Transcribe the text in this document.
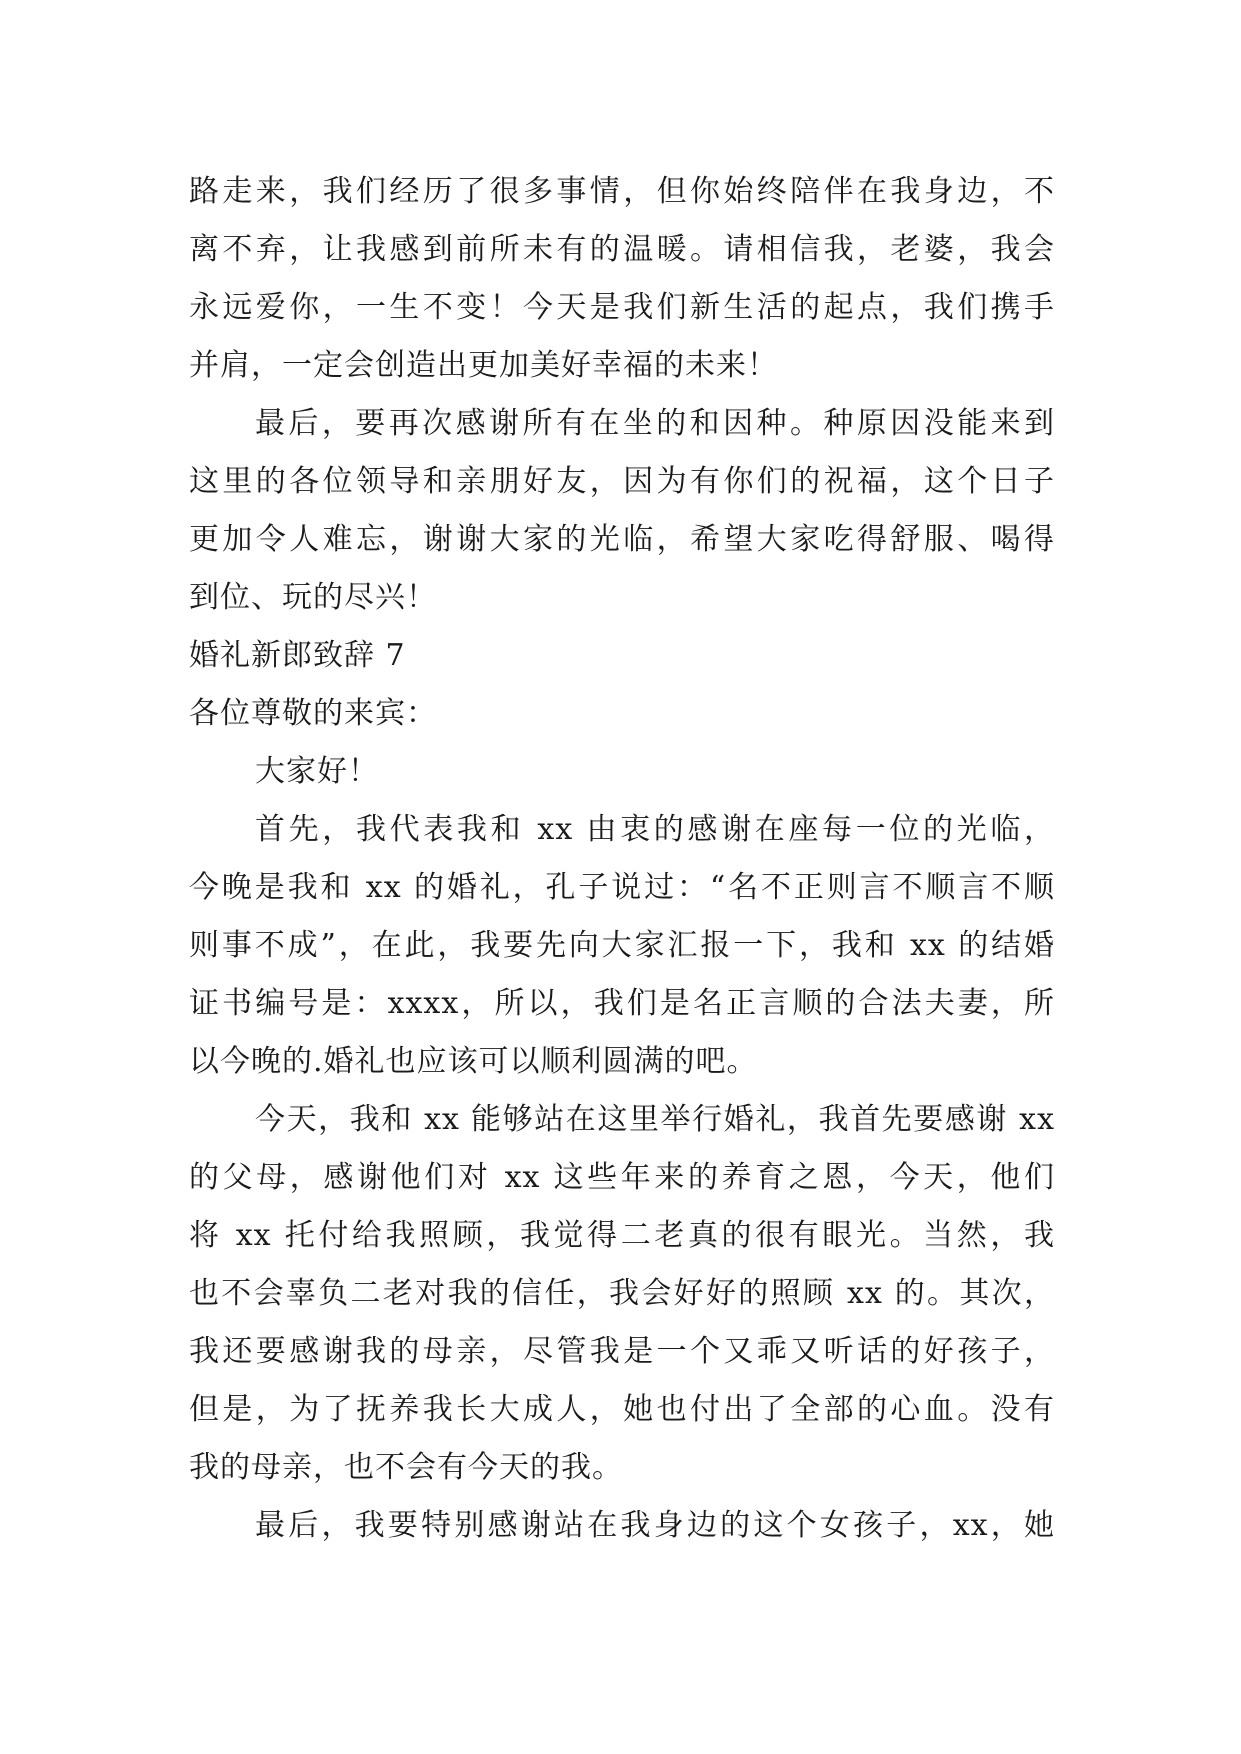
路走来，我们经历了很多事情，但你始终陪伴在我身边，不
离不弃，让我感到前所未有的温暖。请相信我，老婆，我会
永远爱你，一生不变！今天是我们新生活的起点，我们携手
并肩，一定会创造出更加美好幸福的未来！
最后，要再次感谢所有在坐的和因种。种原因没能来到
这里的各位领导和亲朋好友，因为有你们的祝福，这个日子
更加令人难忘，谢谢大家的光临，希望大家吃得舒服、喝得
到位、玩的尽兴！
婚礼新郎致辞 7
各位尊敬的来宾：
大家好！
首先，我代表我和 xx 由衷的感谢在座每一位的光临，
今晚是我和 xx 的婚礼，孔子说过：“名不正则言不顺言不顺
则事不成”，在此，我要先向大家汇报一下，我和 xx 的结婚
证书编号是：xxxx，所以，我们是名正言顺的合法夫妻，所
以今晚的.婚礼也应该可以顺利圆满的吧。
今天，我和 xx 能够站在这里举行婚礼，我首先要感谢 xx
的父母，感谢他们对 xx 这些年来的养育之恩，今天，他们
将 xx 托付给我照顾，我觉得二老真的很有眼光。当然，我
也不会辜负二老对我的信任，我会好好的照顾 xx 的。其次，
我还要感谢我的母亲，尽管我是一个又乖又听话的好孩子，
但是，为了抚养我长大成人，她也付出了全部的心血。没有
我的母亲，也不会有今天的我。
最后，我要特别感谢站在我身边的这个女孩子，xx，她
